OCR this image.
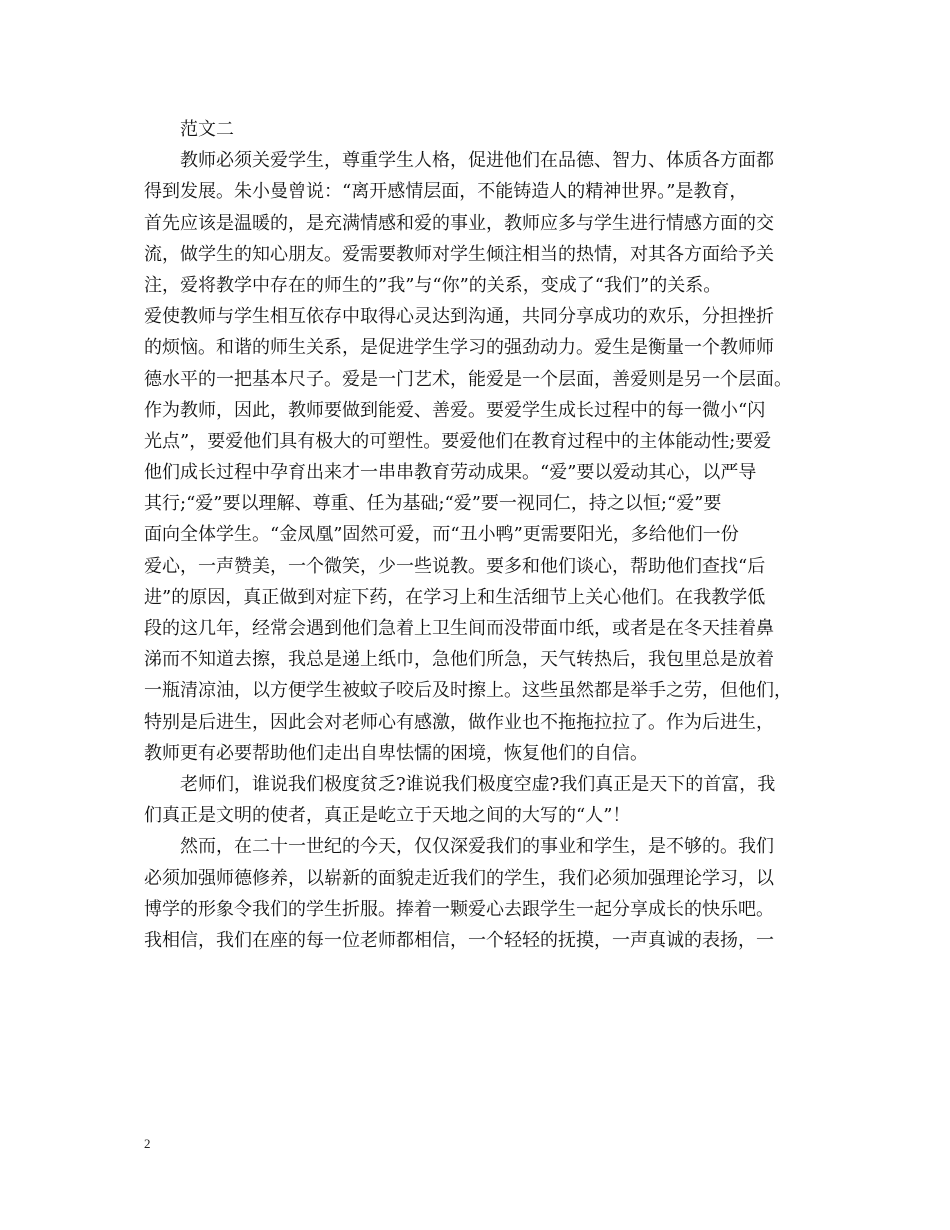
范文二
教师必须关爱学生，尊重学生人格，促进他们在品德、智力、体质各方面都
得到发展。朱小曼曾说：“离开感情层面，不能铸造人的精神世界。”是教育，
首先应该是温暖的，是充满情感和爱的事业，教师应多与学生进行情感方面的交
流，做学生的知心朋友。爱需要教师对学生倾注相当的热情，对其各方面给予关
注，爱将教学中存在的师生的”我”与“你”的关系，变成了“我们”的关系。
爱使教师与学生相互依存中取得心灵达到沟通，共同分享成功的欢乐，分担挫折
的烦恼。和谐的师生关系，是促进学生学习的强劲动力。爱生是衡量一个教师师
德水平的一把基本尺子。爱是一门艺术，能爱是一个层面，善爱则是另一个层面。
作为教师，因此，教师要做到能爱、善爱。要爱学生成长过程中的每一微小“闪
光点”，要爱他们具有极大的可塑性。要爱他们在教育过程中的主体能动性;要爱
他们成长过程中孕育出来才一串串教育劳动成果。“爱”要以爱动其心，以严导
其行;“爱”要以理解、尊重、任为基础;“爱”要一视同仁，持之以恒;“爱”要
面向全体学生。“金凤凰”固然可爱，而“丑小鸭”更需要阳光，多给他们一份
爱心，一声赞美，一个微笑，少一些说教。要多和他们谈心，帮助他们查找“后
进”的原因，真正做到对症下药，在学习上和生活细节上关心他们。在我教学低
段的这几年，经常会遇到他们急着上卫生间而没带面巾纸，或者是在冬天挂着鼻
涕而不知道去擦，我总是递上纸巾，急他们所急，天气转热后，我包里总是放着
一瓶清凉油，以方便学生被蚊子咬后及时擦上。这些虽然都是举手之劳，但他们，
特别是后进生，因此会对老师心有感激，做作业也不拖拖拉拉了。作为后进生，
教师更有必要帮助他们走出自卑怯懦的困境，恢复他们的自信。
老师们，谁说我们极度贫乏?谁说我们极度空虚?我们真正是天下的首富，我
们真正是文明的使者，真正是屹立于天地之间的大写的“人”！
然而，在二十一世纪的今天，仅仅深爱我们的事业和学生，是不够的。我们
必须加强师德修养，以崭新的面貌走近我们的学生，我们必须加强理论学习，以
博学的形象令我们的学生折服。捧着一颗爱心去跟学生一起分享成长的快乐吧。
我相信，我们在座的每一位老师都相信，一个轻轻的抚摸，一声真诚的表扬，一
2
